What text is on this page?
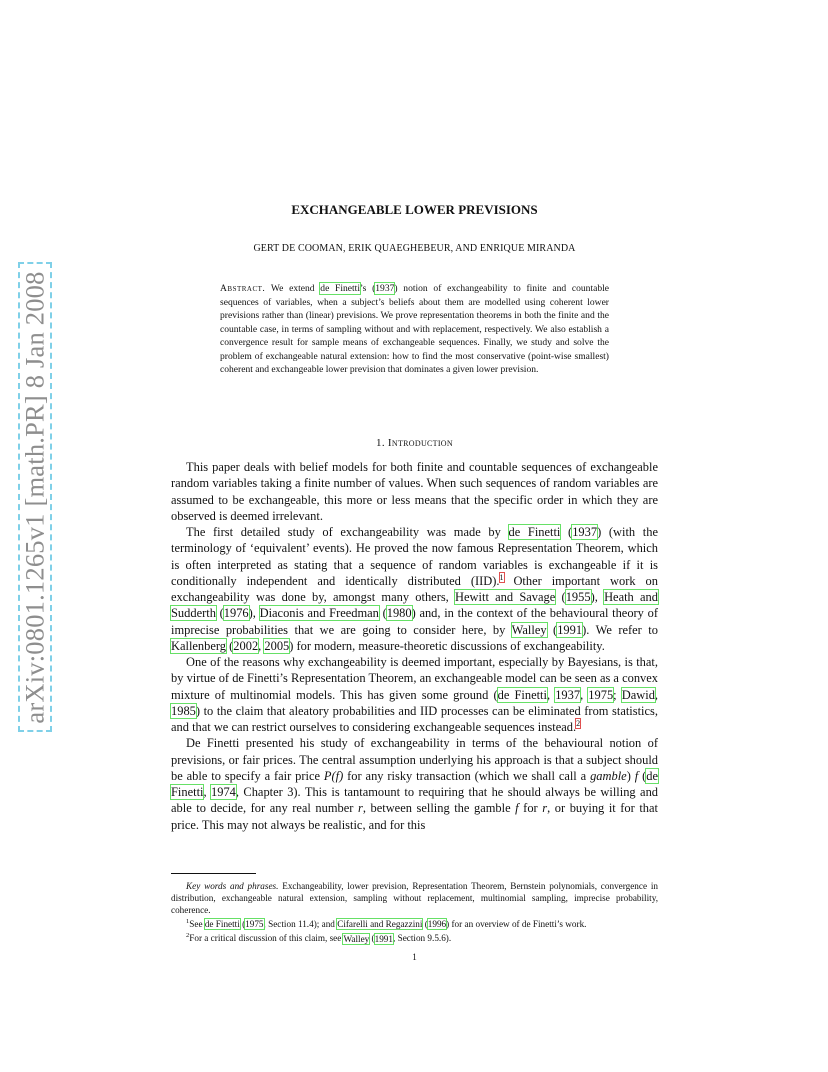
arXiv:0801.1265v1 [math.PR] 8 Jan 2008
EXCHANGEABLE LOWER PREVISIONS
GERT DE COOMAN, ERIK QUAEGHEBEUR, AND ENRIQUE MIRANDA
Abstract. We extend de Finetti’s (1937) notion of exchangeability to finite and countable sequences of variables, when a subject’s beliefs about them are modelled using coherent lower previsions rather than (linear) previsions. We prove representation theorems in both the finite and the countable case, in terms of sampling without and with replacement, respectively. We also establish a convergence result for sample means of exchangeable sequences. Finally, we study and solve the problem of exchangeable natural extension: how to find the most conservative (point-wise smallest) coherent and exchangeable lower prevision that dominates a given lower prevision.
1. Introduction

This paper deals with belief models for both finite and countable sequences of exchangeable random variables taking a finite number of values. When such sequences of random variables are assumed to be exchangeable, this more or less means that the specific order in which they are observed is deemed irrelevant.

The first detailed study of exchangeability was made by de Finetti (1937) (with the terminology of ‘equivalent’ events). He proved the now famous Representation Theorem, which is often interpreted as stating that a sequence of random variables is exchangeable if it is conditionally independent and identically distributed (IID).$^1$ Other important work on exchangeability was done by, amongst many others, Hewitt and Savage (1955), Heath and Sudderth (1976), Diaconis and Freedman (1980) and, in the context of the behavioural theory of imprecise probabilities that we are going to consider here, by Walley (1991). We refer to Kallenberg (2002, 2005) for modern, measure-theoretic discussions of exchangeability.

One of the reasons why exchangeability is deemed important, especially by Bayesians, is that, by virtue of de Finetti’s Representation Theorem, an exchangeable model can be seen as a convex mixture of multinomial models. This has given some ground (de Finetti, 1937, 1975; Dawid, 1985) to the claim that aleatory probabilities and IID processes can be eliminated from statistics, and that we can restrict ourselves to considering exchangeable sequences instead.$^2$

De Finetti presented his study of exchangeability in terms of the behavioural notion of previsions, or fair prices. The central assumption underlying his approach is that a subject should be able to specify a fair price P(f) for any risky transaction (which we shall call a gamble) f (de Finetti, 1974, Chapter 3). This is tantamount to requiring that he should always be willing and able to decide, for any real number r, between selling the gamble f for r, or buying it for that price. This may not always be realistic, and for this

Key words and phrases. Exchangeability, lower prevision, Representation Theorem, Bernstein polynomials, convergence in distribution, exchangeable natural extension, sampling without replacement, multinomial sampling, imprecise probability, coherence.

$^1$See de Finetti (1975, Section 11.4); and Cifarelli and Regazzini (1996) for an overview of de Finetti’s work.

$^2$For a critical discussion of this claim, see Walley (1991, Section 9.5.6).

1
